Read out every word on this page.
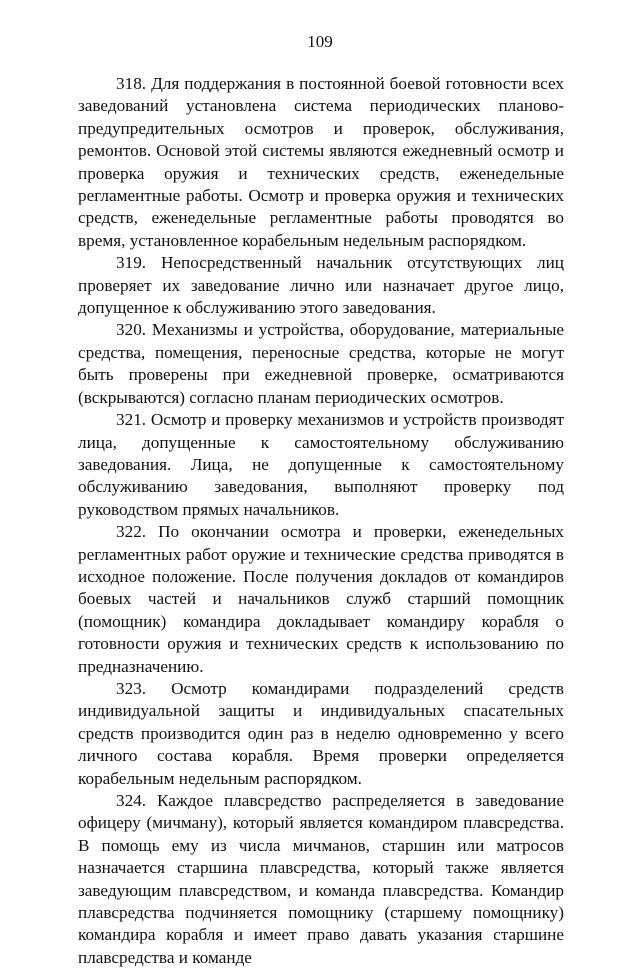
109

318. Для поддержания в постоянной боевой готовности всех заведований установлена система периодических планово-предупредительных осмотров и проверок, обслуживания, ремонтов. Основой этой системы являются ежедневный осмотр и проверка оружия и технических средств, еженедельные регламентные работы. Осмотр и проверка оружия и технических средств, еженедельные регламентные работы проводятся во время, установленное корабельным недельным распорядком.

319. Непосредственный начальник отсутствующих лиц проверяет их заведование лично или назначает другое лицо, допущенное к обслуживанию этого заведования.

320. Механизмы и устройства, оборудование, материальные средства, помещения, переносные средства, которые не могут быть проверены при ежедневной проверке, осматриваются (вскрываются) согласно планам периодических осмотров.

321. Осмотр и проверку механизмов и устройств производят лица, допущенные к самостоятельному обслуживанию заведования. Лица, не допущенные к самостоятельному обслуживанию заведования, выполняют проверку под руководством прямых начальников.

322. По окончании осмотра и проверки, еженедельных регламентных работ оружие и технические средства приводятся в исходное положение. После получения докладов от командиров боевых частей и начальников служб старший помощник (помощник) командира докладывает командиру корабля о готовности оружия и технических средств к использованию по предназначению.

323. Осмотр командирами подразделений средств индивидуальной защиты и индивидуальных спасательных средств производится один раз в неделю одновременно у всего личного состава корабля. Время проверки определяется корабельным недельным распорядком.

324. Каждое плавсредство распределяется в заведование офицеру (мичману), который является командиром плавсредства. В помощь ему из числа мичманов, старшин или матросов назначается старшина плавсредства, который также является заведующим плавсредством, и команда плавсредства. Командир плавсредства подчиняется помощнику (старшему помощнику) командира корабля и имеет право давать указания старшине плавсредства и команде
